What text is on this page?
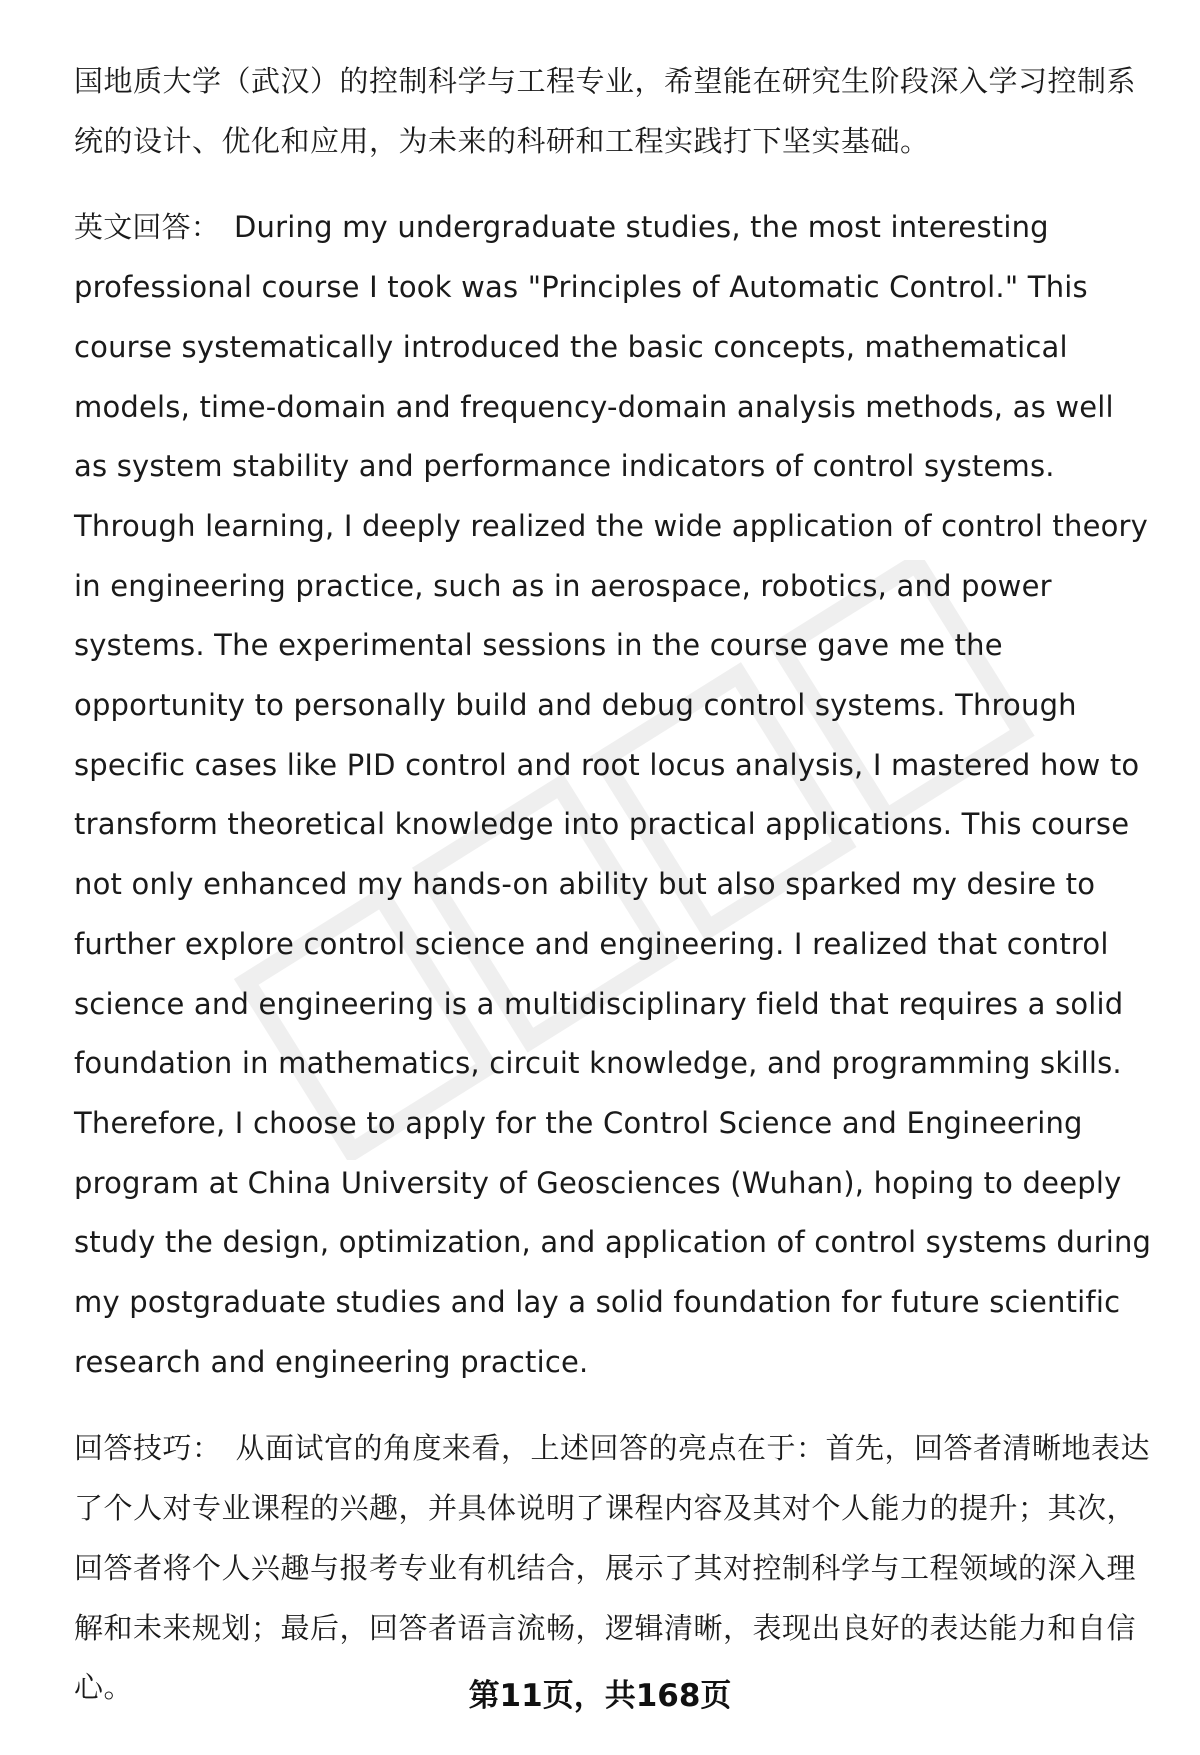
国地质大学（武汉）的控制科学与工程专业，希望能在研究生阶段深入学习控制系统的设计、优化和应用，为未来的科研和工程实践打下坚实基础。

英文回答： During my undergraduate studies, the most interesting professional course I took was "Principles of Automatic Control." This course systematically introduced the basic concepts, mathematical models, time-domain and frequency-domain analysis methods, as well as system stability and performance indicators of control systems. Through learning, I deeply realized the wide application of control theory in engineering practice, such as in aerospace, robotics, and power systems. The experimental sessions in the course gave me the opportunity to personally build and debug control systems. Through specific cases like PID control and root locus analysis, I mastered how to transform theoretical knowledge into practical applications. This course not only enhanced my hands-on ability but also sparked my desire to further explore control science and engineering. I realized that control science and engineering is a multidisciplinary field that requires a solid foundation in mathematics, circuit knowledge, and programming skills. Therefore, I choose to apply for the Control Science and Engineering program at China University of Geosciences (Wuhan), hoping to deeply study the design, optimization, and application of control systems during my postgraduate studies and lay a solid foundation for future scientific research and engineering practice.

回答技巧： 从面试官的角度来看，上述回答的亮点在于：首先，回答者清晰地表达了个人对专业课程的兴趣，并具体说明了课程内容及其对个人能力的提升；其次，回答者将个人兴趣与报考专业有机结合，展示了其对控制科学与工程领域的深入理解和未来规划；最后，回答者语言流畅，逻辑清晰，表现出良好的表达能力和自信心。	第11页，共168页
